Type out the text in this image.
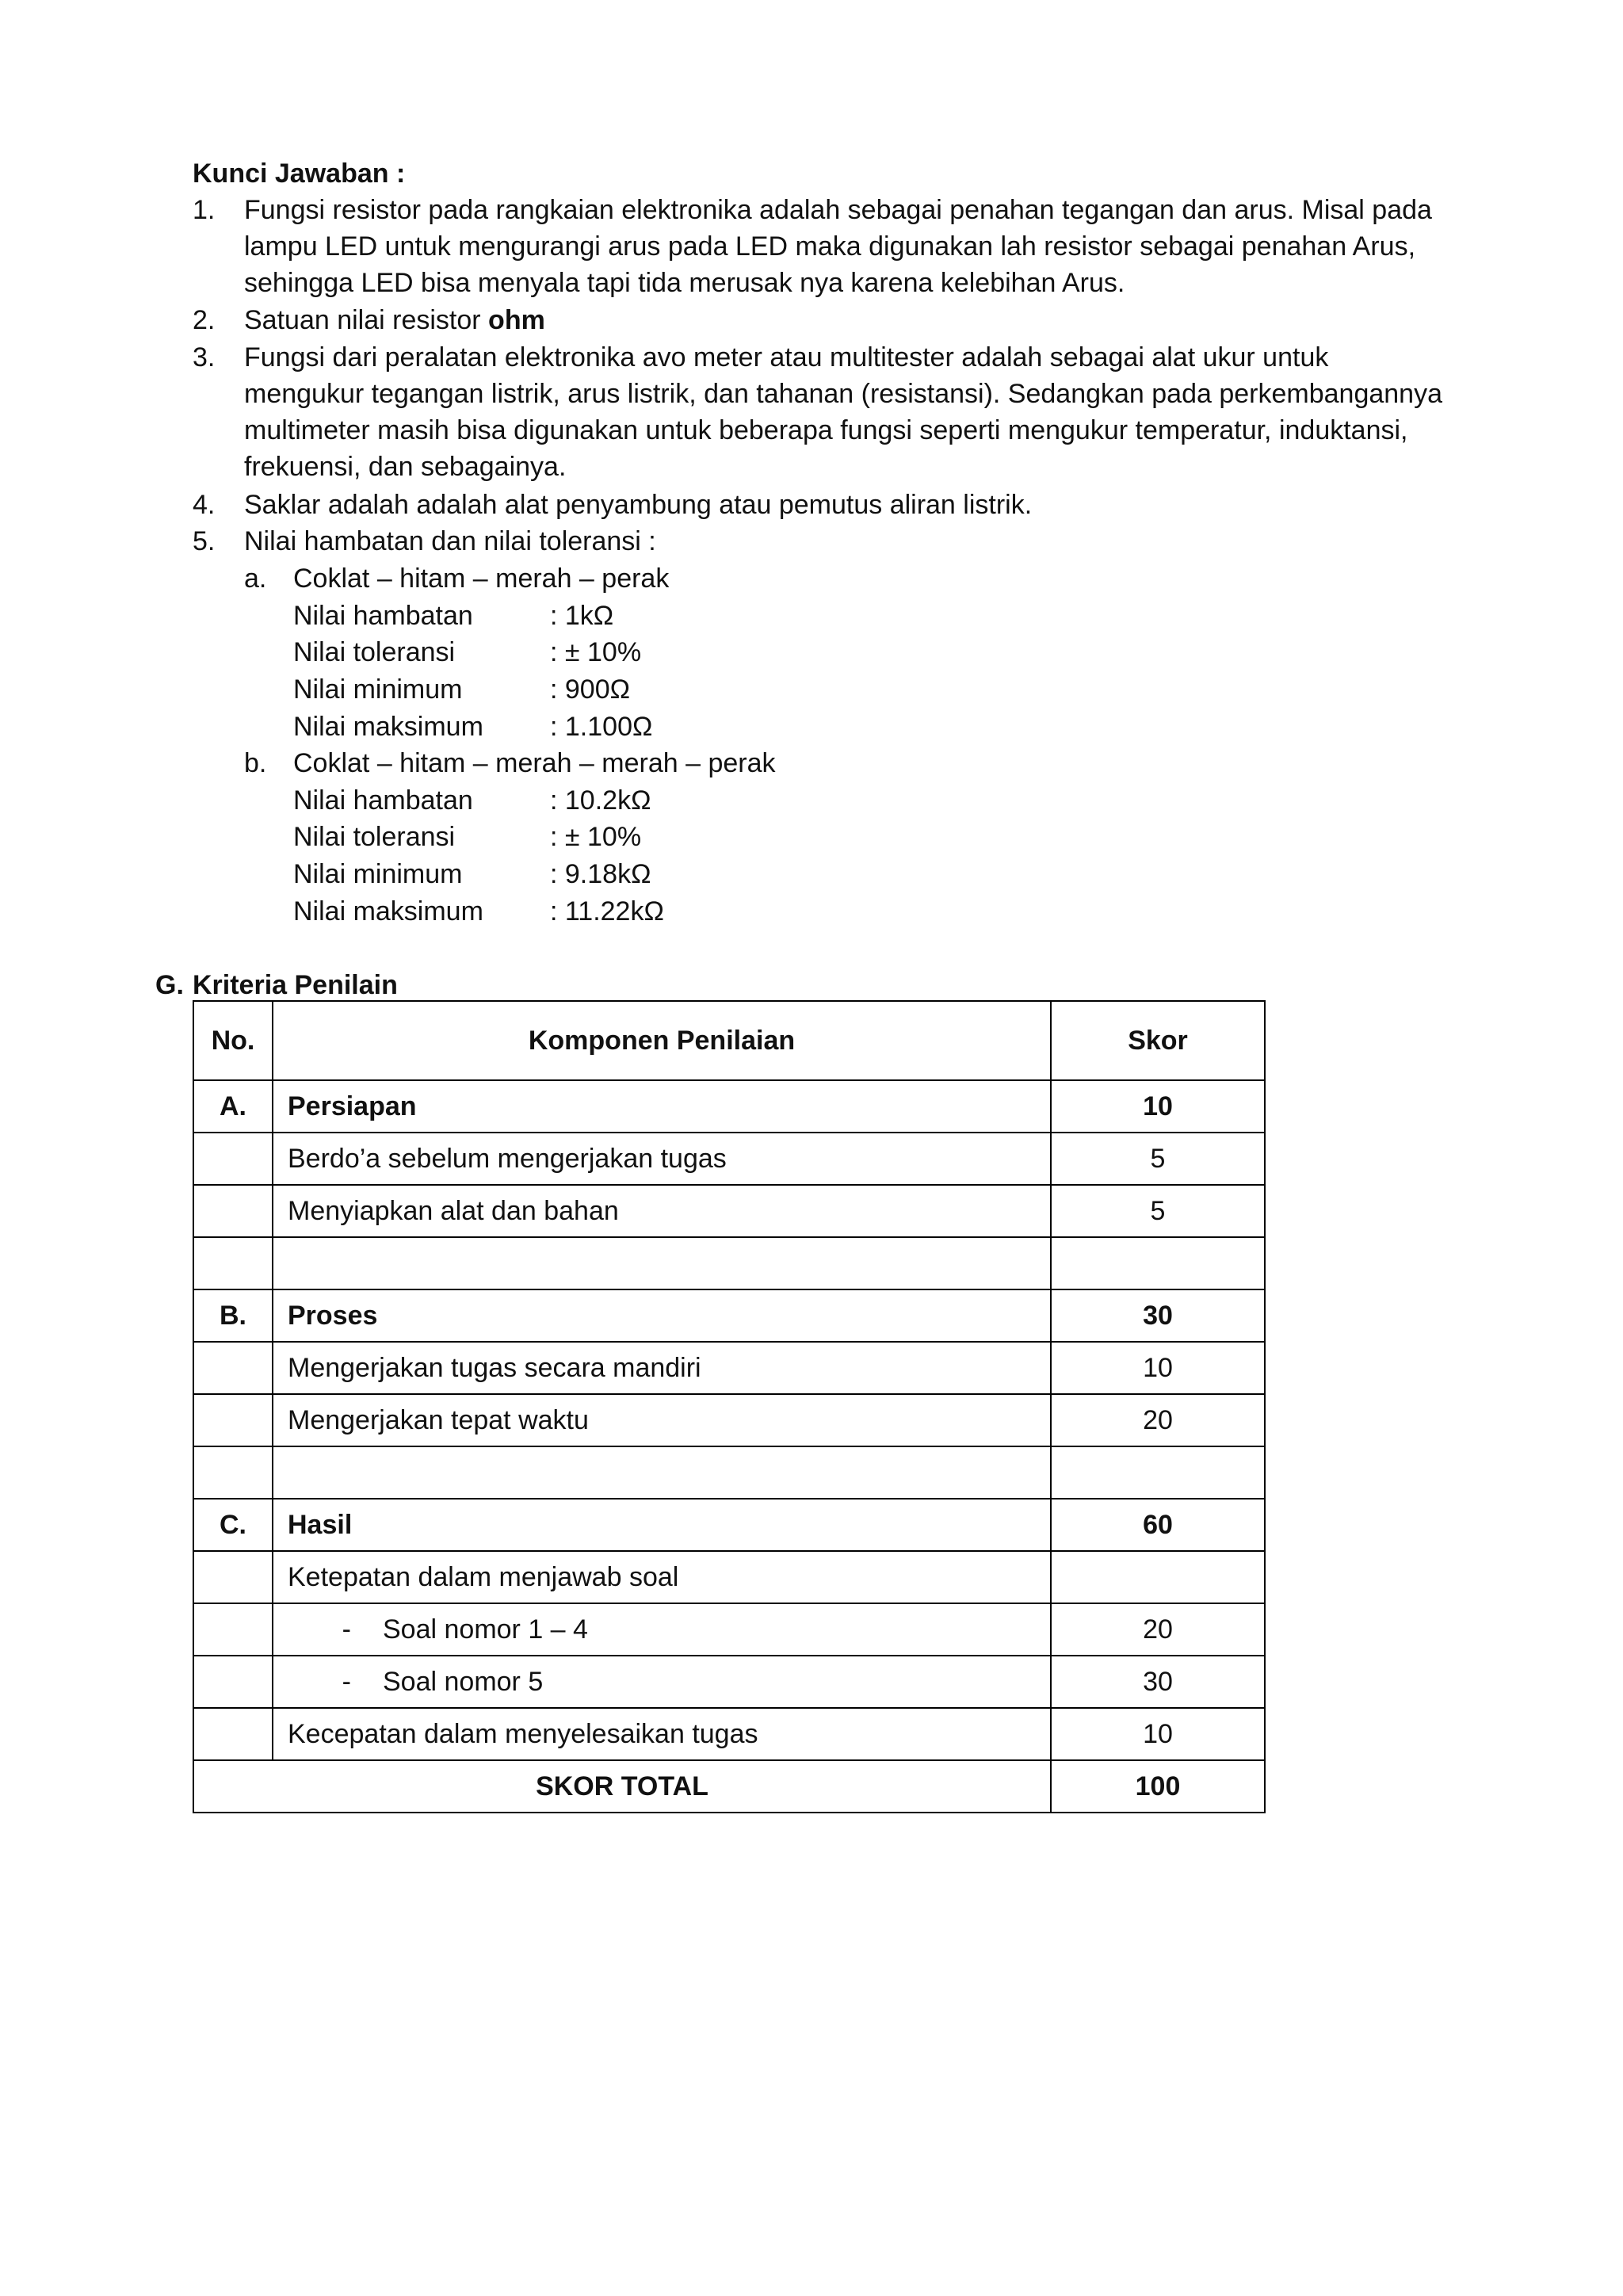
Kunci Jawaban :
1. Fungsi resistor pada rangkaian elektronika adalah sebagai penahan tegangan dan arus. Misal pada
lampu LED untuk mengurangi arus pada LED maka digunakan lah resistor sebagai penahan Arus,
sehingga LED bisa menyala tapi tida merusak nya karena kelebihan Arus.
2. Satuan nilai resistor ohm
3. Fungsi dari peralatan elektronika avo meter atau multitester adalah sebagai alat ukur untuk
mengukur tegangan listrik, arus listrik, dan tahanan (resistansi). Sedangkan pada perkembangannya
multimeter masih bisa digunakan untuk beberapa fungsi seperti mengukur temperatur, induktansi,
frekuensi, dan sebagainya.
4. Saklar adalah adalah alat penyambung atau pemutus aliran listrik.
5. Nilai hambatan dan nilai toleransi :
a. Coklat – hitam – merah – perak
Nilai hambatan	: 1kΩ
Nilai toleransi	: ± 10%
Nilai minimum	: 900Ω
Nilai maksimum : 1.100Ω
b. Coklat – hitam – merah – merah – perak
Nilai hambatan	: 10.2kΩ
Nilai toleransi	: ± 10%
Nilai minimum	: 9.18kΩ
Nilai maksimum : 11.22kΩ
G. Kriteria Penilain
No.	Komponen Penilaian	Skor
A.	Persiapan	10
	Berdo’a sebelum mengerjakan tugas	5
	Menyiapkan alat dan bahan	5

B.	Proses	30
	Mengerjakan tugas secara mandiri	10
	Mengerjakan tepat waktu	20

C.	Hasil	60
	Ketepatan dalam menjawab soal	
	- Soal nomor 1 – 4	20
	- Soal nomor 5	30
	Kecepatan dalam menyelesaikan tugas	10
SKOR TOTAL		100
